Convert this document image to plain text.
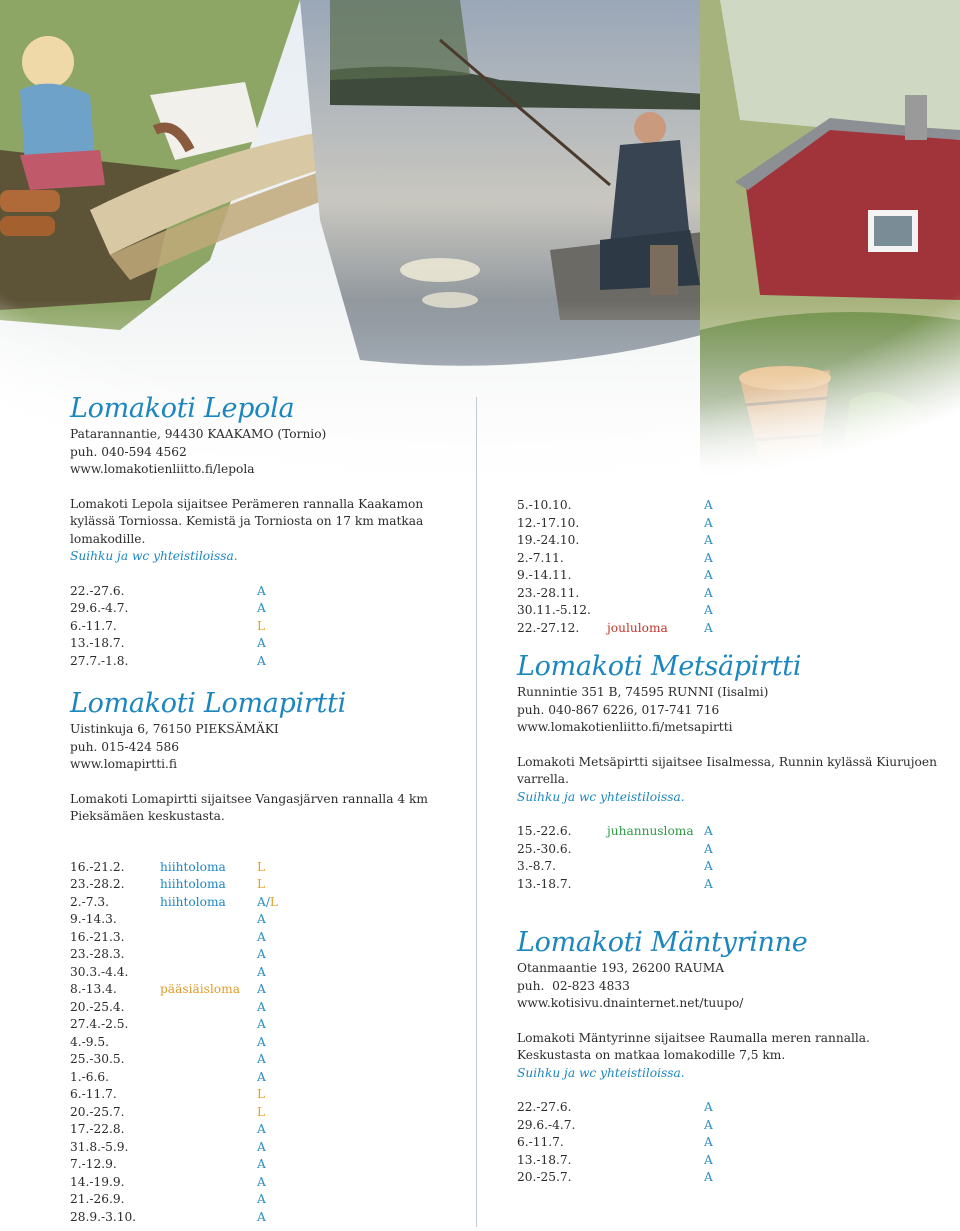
Lomakoti Lepola

Patarannantie, 94430 KAAKAMO (Tornio)

puh. 040-594 4562

www.lomakotienliitto.fi/lepola

Lomakoti Lepola sijaitsee Perämeren rannalla Kaakamon kylässä Torniossa. Kemistä ja Torniosta on 17 km matkaa lomakodille.

Suihku ja wc yhteistiloissa.

22.-27.6.		A
29.6.-4.7.		A
6.-11.7.		L
13.-18.7.		A
27.7.-1.8.		A
Lomakoti Lomapirtti

Uistinkuja 6, 76150 PIEKSÄMÄKI

puh. 015-424 586

www.lomapirtti.fi

Lomakoti Lomapirtti sijaitsee Vangasjärven rannalla 4 km Pieksämäen keskustasta.

16.-21.2.	hiihtoloma	L
23.-28.2.	hiihtoloma	L
2.-7.3.	hiihtoloma	A/L
9.-14.3.		A
16.-21.3.		A
23.-28.3.		A
30.3.-4.4.		A
8.-13.4.	pääsiäisloma	A
20.-25.4.		A
27.4.-2.5.		A
4.-9.5.		A
25.-30.5.		A
1.-6.6.		A
6.-11.7.		L
20.-25.7.		L
17.-22.8.		A
31.8.-5.9.		A
7.-12.9.		A
14.-19.9.		A
21.-26.9.		A
28.9.-3.10.		A
5.-10.10.		A
12.-17.10.		A
19.-24.10.		A
2.-7.11.		A
9.-14.11.		A
23.-28.11.		A
30.11.-5.12.		A
22.-27.12.	joululoma	A
Lomakoti Metsäpirtti

Runnintie 351 B, 74595 RUNNI (Iisalmi)

puh. 040-867 6226, 017-741 716

www.lomakotienliitto.fi/metsapirtti

Lomakoti Metsäpirtti sijaitsee Iisalmessa, Runnin kylässä Kiurujoen varrella.

Suihku ja wc yhteistiloissa.

15.-22.6.	juhannusloma	A
25.-30.6.		A
3.-8.7.		A
13.-18.7.		A
Lomakoti Mäntyrinne

Otanmaantie 193, 26200 RAUMA

puh.  02-823 4833

www.kotisivu.dnainternet.net/tuupo/

Lomakoti Mäntyrinne sijaitsee Raumalla meren rannalla. Keskustasta on matkaa lomakodille 7,5 km.

Suihku ja wc yhteistiloissa.

22.-27.6.		A
29.6.-4.7.		A
6.-11.7.		A
13.-18.7.		A
20.-25.7.		A
